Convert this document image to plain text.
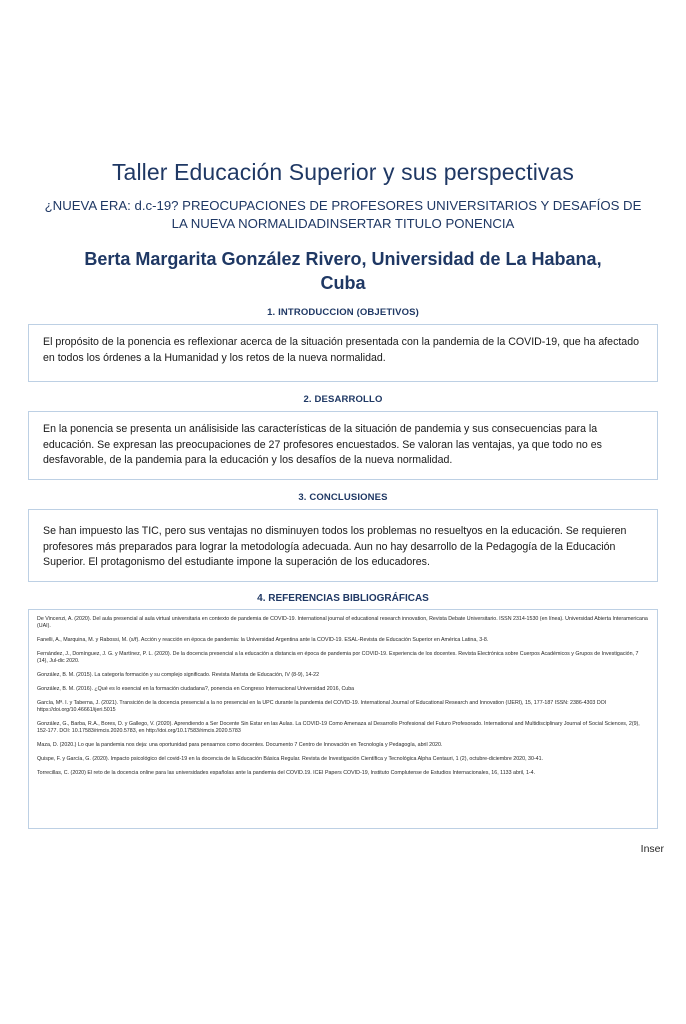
Taller Educación Superior y sus perspectivas
¿NUEVA ERA: d.c-19? PREOCUPACIONES DE PROFESORES UNIVERSITARIOS Y DESAFÍOS DE LA NUEVA NORMALIDADINSERTAR TITULO PONENCIA
Berta Margarita González Rivero, Universidad de La Habana, Cuba
1. INTRODUCCION (OBJETIVOS)

El propósito de la ponencia es reflexionar acerca de la situación presentada con la pandemia de la COVID-19, que ha afectado en todos los órdenes a la Humanidad y los retos de la nueva normalidad.

2. DESARROLLO

En la ponencia se presenta un análisiside las características de la situación de pandemia y sus consecuencias para la educación. Se expresan las preocupaciones de 27 profesores encuestados. Se valoran las ventajas, ya que todo no es desfavorable, de la pandemia para la educación y los desafíos de la nueva normalidad.

3. CONCLUSIONES

Se han impuesto las TIC, pero sus ventajas no disminuyen todos los problemas no resueltyos en la educación. Se requieren profesores más preparados para lograr la metodología adecuada. Aun no hay desarrollo de la Pedagogía de la Educación Superior. El protagonismo del estudiante impone la superación de los educadores.

4. REFERENCIAS BIBLIOGRÁFICAS

De Vincenzi, A. (2020). Del aula presencial al aula virtual universitaria en contexto de pandemia de COVID-19. International journal of educational research innovation, Revista Debate Universitario. ISSN 2314-1530 (en línea). Universidad Abierta Interamericana (UAI).

Fanelli, A., Marquina, M. y Rabossi, M. (s/f). Acción y reacción en época de pandemia: la Universidad Argentina ante la COVID-19. ESAL-Revista de Educación Superior en América Latina, 3-8.

Fernández, J., Domínguez, J. G. y Martínez, P. L. (2020). De la docencia presencial a la educación a distancia en época de pandemia por COVID-19. Experiencia de los docentes. Revista Electrónica sobre Cuerpos Académicos y Grupos de Investigación, 7 (14), Jul-dic 2020.

González, B. M. (2015). La categoría formación y su complejo significado. Revista Marista de Educación, IV (8-9), 14-22

González, B. M. (2016). ¿Qué es lo esencial en la formación ciudadana?, ponencia en Congreso Internacional Universidad 2016, Cuba

García, Mª. I. y Taberna, J. (2021). Transición de la docencia presencial a la no presencial en la UPC durante la pandemia del COVID-19. International Journal of Educational Research and Innovation (IJERI), 15, 177-187 ISSN: 2386-4303 DOI https://doi.org/10.46661/ijeri.5015

González, G., Barba, R.A., Bores, D. y Gallego, V. (2020). Aprendiendo a Ser Docente Sin Estar en las Aulas. La COVID-19 Como Amenaza al Desarrollo Profesional del Futuro Profesorado. International and Multidisciplinary Journal of Social Sciences, 2(9), 152-177. DOI: 10.17583/rimcis.2020.5783, en http://doi.org/10.17583/rimcis.2020.5783

Maza, D. (2020.) Lo que la pandemia nos deja: una oportunidad para pensarnos como docentes. Documento 7 Centro de Innovación en Tecnología y Pedagogía, abril 2020.

Quispe, F. y García, G. (2020). Impacto psicológico del covid-19 en la docencia de la Educación Básica Regular. Revista de Investigación Científica y Tecnológica Alpha Centauri, 1 (2), octubre-diciembre 2020, 30-41.

Torrecillas, C. (2020) El reto de la docencia online para las universidades españolas ante la pandemia del COVID.19. ICEI Papers COVID-19, Instituto Complutense de Estudios Internacionales, 16, 1133 abril, 1-4.

Inser
